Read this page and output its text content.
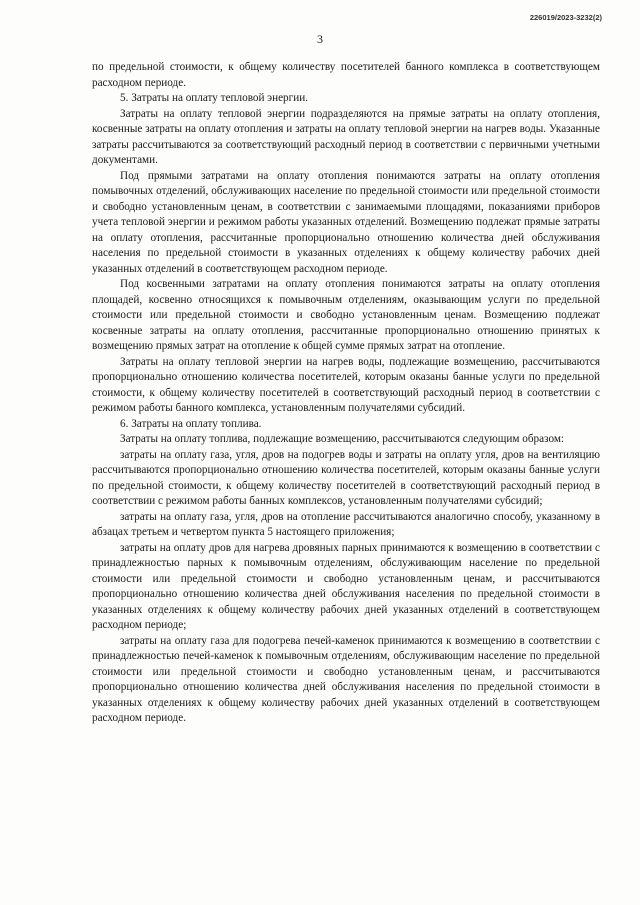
226019/2023-3232(2)
3

по предельной стоимости, к общему количеству посетителей банного комплекса в соответствующем расходном периоде.

5. Затраты на оплату тепловой энергии.

Затраты на оплату тепловой энергии подразделяются на прямые затраты на оплату отопления, косвенные затраты на оплату отопления и затраты на оплату тепловой энергии на нагрев воды. Указанные затраты рассчитываются за соответствующий расходный период в соответствии с первичными учетными документами.

Под прямыми затратами на оплату отопления понимаются затраты на оплату отопления помывочных отделений, обслуживающих население по предельной стоимости или предельной стоимости и свободно установленным ценам, в соответствии с занимаемыми площадями, показаниями приборов учета тепловой энергии и режимом работы указанных отделений. Возмещению подлежат прямые затраты на оплату отопления, рассчитанные пропорционально отношению количества дней обслуживания населения по предельной стоимости в указанных отделениях к общему количеству рабочих дней указанных отделений в соответствующем расходном периоде.

Под косвенными затратами на оплату отопления понимаются затраты на оплату отопления площадей, косвенно относящихся к помывочным отделениям, оказывающим услуги по предельной стоимости или предельной стоимости и свободно установленным ценам. Возмещению подлежат косвенные затраты на оплату отопления, рассчитанные пропорционально отношению принятых к возмещению прямых затрат на отопление к общей сумме прямых затрат на отопление.

Затраты на оплату тепловой энергии на нагрев воды, подлежащие возмещению, рассчитываются пропорционально отношению количества посетителей, которым оказаны банные услуги по предельной стоимости, к общему количеству посетителей в соответствующий расходный период в соответствии с режимом работы банного комплекса, установленным получателями субсидий.

6. Затраты на оплату топлива.

Затраты на оплату топлива, подлежащие возмещению, рассчитываются следующим образом:

затраты на оплату газа, угля, дров на подогрев воды и затраты на оплату угля, дров на вентиляцию рассчитываются пропорционально отношению количества посетителей, которым оказаны банные услуги по предельной стоимости, к общему количеству посетителей в соответствующий расходный период в соответствии с режимом работы банных комплексов, установленным получателями субсидий;

затраты на оплату газа, угля, дров на отопление рассчитываются аналогично способу, указанному в абзацах третьем и четвертом пункта 5 настоящего приложения;

затраты на оплату дров для нагрева дровяных парных принимаются к возмещению в соответствии с принадлежностью парных к помывочным отделениям, обслуживающим население по предельной стоимости или предельной стоимости и свободно установленным ценам, и рассчитываются пропорционально отношению количества дней обслуживания населения по предельной стоимости в указанных отделениях к общему количеству рабочих дней указанных отделений в соответствующем расходном периоде;

затраты на оплату газа для подогрева печей-каменок принимаются к возмещению в соответствии с принадлежностью печей-каменок к помывочным отделениям, обслуживающим население по предельной стоимости или предельной стоимости и свободно установленным ценам, и рассчитываются пропорционально отношению количества дней обслуживания населения по предельной стоимости в указанных отделениях к общему количеству рабочих дней указанных отделений в соответствующем расходном периоде.
